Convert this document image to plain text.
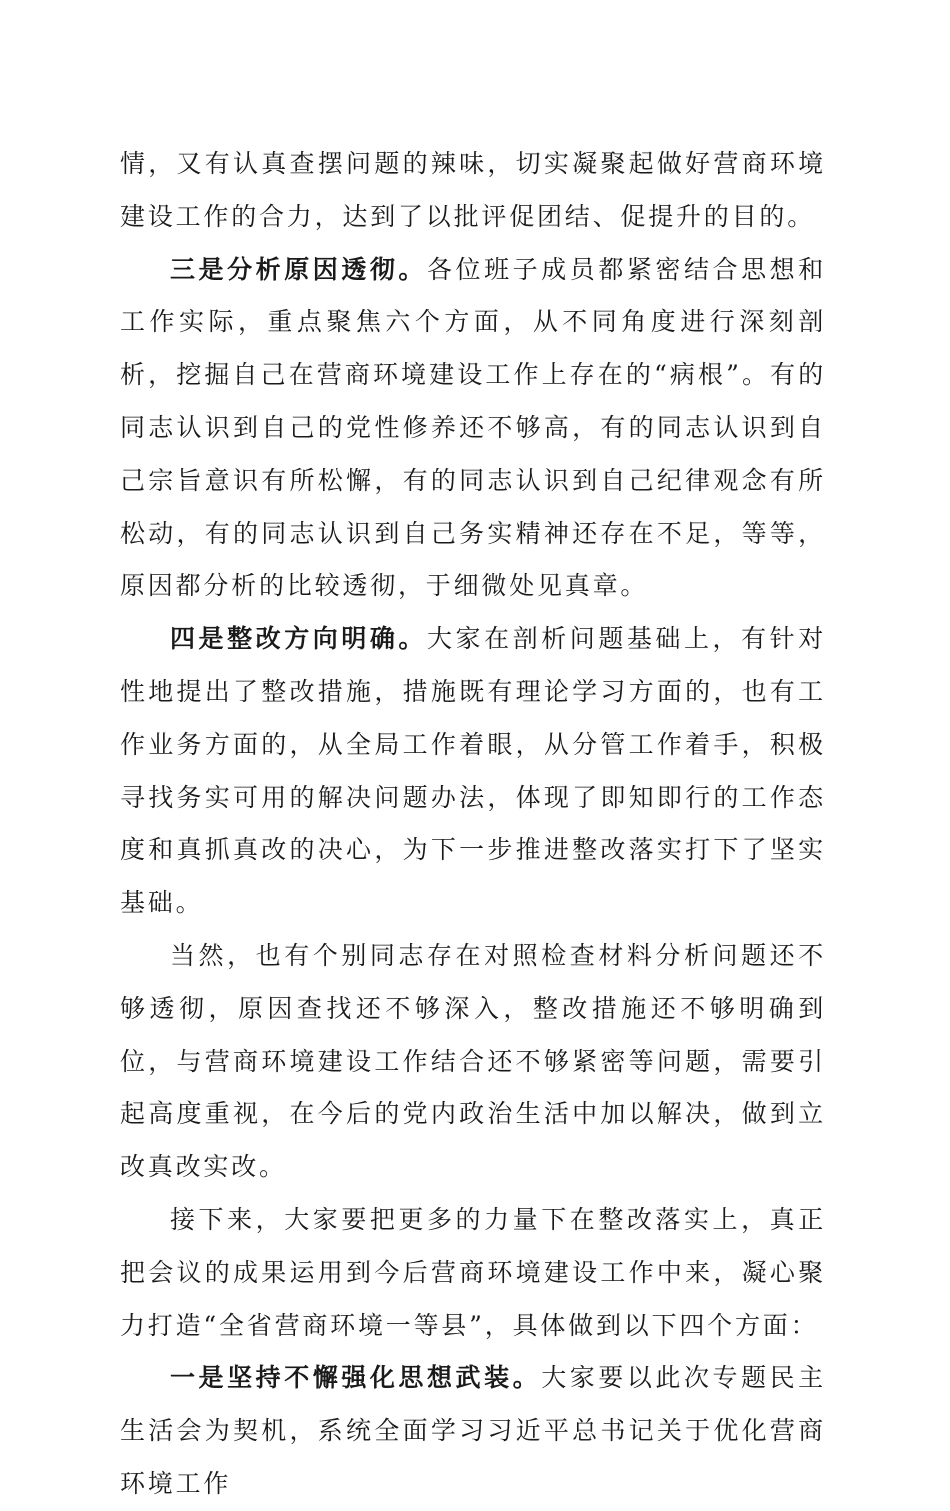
情，又有认真查摆问题的辣味，切实凝聚起做好营商环境建设工作的合力，达到了以批评促团结、促提升的目的。

三是分析原因透彻。各位班子成员都紧密结合思想和工作实际，重点聚焦六个方面，从不同角度进行深刻剖析，挖掘自己在营商环境建设工作上存在的“病根”。有的同志认识到自己的党性修养还不够高，有的同志认识到自己宗旨意识有所松懈，有的同志认识到自己纪律观念有所松动，有的同志认识到自己务实精神还存在不足，等等，原因都分析的比较透彻，于细微处见真章。

四是整改方向明确。大家在剖析问题基础上，有针对性地提出了整改措施，措施既有理论学习方面的，也有工作业务方面的，从全局工作着眼，从分管工作着手，积极寻找务实可用的解决问题办法，体现了即知即行的工作态度和真抓真改的决心，为下一步推进整改落实打下了坚实基础。

当然，也有个别同志存在对照检查材料分析问题还不够透彻，原因查找还不够深入，整改措施还不够明确到位，与营商环境建设工作结合还不够紧密等问题，需要引起高度重视，在今后的党内政治生活中加以解决，做到立改真改实改。

接下来，大家要把更多的力量下在整改落实上，真正把会议的成果运用到今后营商环境建设工作中来，凝心聚力打造“全省营商环境一等县”，具体做到以下四个方面：

一是坚持不懈强化思想武装。大家要以此次专题民主生活会为契机，系统全面学习习近平总书记关于优化营商环境工作
